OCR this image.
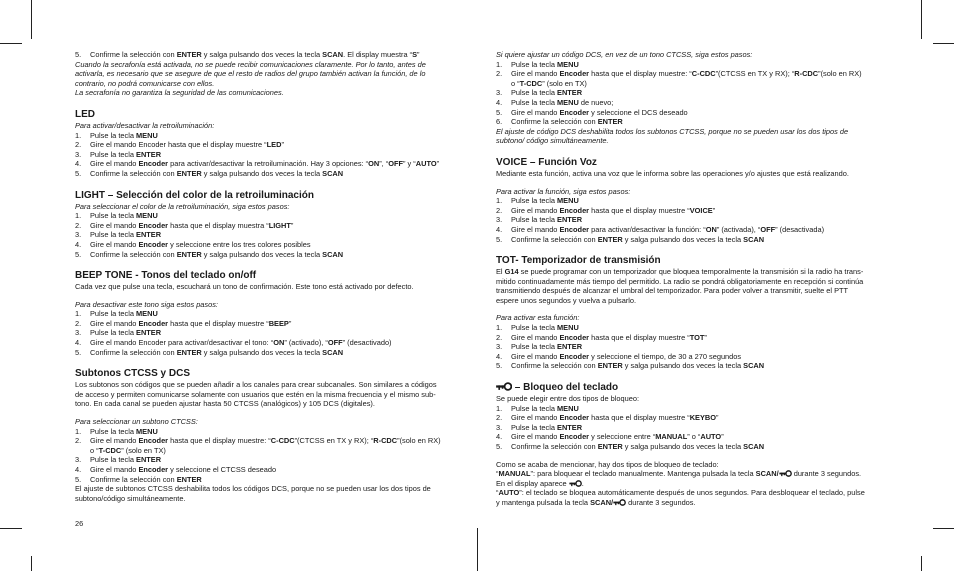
5. Confirme la selección con ENTER y salga pulsando dos veces la tecla SCAN. El display muestra “S”
Cuando la secrafonía está activada, no se puede recibir comunicaciones claramente. Por lo tanto, antes de
activarla, es necesario que se asegure de que el resto de radios del grupo también activan la función, de lo
contrario, no podrá comunicarse con ellos.
La secrafonía no garantiza la seguridad de las comunicaciones.
LED
Para activar/desactivar la retroiluminación:
1. Pulse la tecla MENU
2. Gire el mando Encoder hasta que el display muestre “LED”
3. Pulse la tecla ENTER
4. Gire el mando Encoder para activar/desactivar la retroiluminación. Hay 3 opciones: “ON”, “OFF” y “AUTO”
5. Confirme la selección con ENTER y salga pulsando dos veces la tecla SCAN
LIGHT – Selección del color de la retroiluminación
Para seleccionar el color de la retroiluminación, siga estos pasos:
1. Pulse la tecla MENU
2. Gire el mando Encoder hasta que el display muestra “LIGHT”
3. Pulse la tecla ENTER
4. Gire el mando Encoder y seleccione entre los tres colores posibles
5. Confirme la selección con ENTER y salga pulsando dos veces la tecla SCAN
BEEP TONE - Tonos del teclado on/off
Cada vez que pulse una tecla, escuchará un tono de confirmación. Este tono está activado por defecto.
Para desactivar este tono siga estos pasos:
1. Pulse la tecla MENU
2. Gire el mando Encoder hasta que el display muestre “BEEP”
3. Pulse la tecla ENTER
4. Gire el mando Encoder para activar/desactivar el tono: “ON” (activado), “OFF” (desactivado)
5. Confirme la selección con ENTER y salga pulsando dos veces la tecla SCAN
Subtonos CTCSS y DCS
Los subtonos son códigos que se pueden añadir a los canales para crear subcanales. Son similares a códigos
de acceso y permiten comunicarse solamente con usuarios que estén en la misma frecuencia y el mismo sub-
tono. En cada canal se pueden ajustar hasta 50 CTCSS (analógicos) y 105 DCS (digitales).
Para seleccionar un subtono CTCSS:
1. Pulse la tecla MENU
2. Gire el mando Encoder hasta que el display muestre: “C-CDC”(CTCSS en TX y RX); “R-CDC”(solo en RX)
o “T-CDC” (solo en TX)
3. Pulse la tecla ENTER
4. Gire el mando Encoder y seleccione el CTCSS deseado
5. Confirme la selección con ENTER
El ajuste de subtonos CTCSS deshabilita todos los códigos DCS, porque no se pueden usar los dos tipos de
subtono/código simultáneamente.
Si quiere ajustar un código DCS, en vez de un tono CTCSS, siga estos pasos:
1. Pulse la tecla MENU
2. Gire el mando Encoder hasta que el display muestre: “C-CDC”(CTCSS en TX y RX); “R-CDC”(solo en RX)
o “T-CDC” (solo en TX)
3. Pulse la tecla ENTER
4. Pulse la tecla MENU de nuevo;
5. Gire el mando Encoder y seleccione el DCS deseado
6. Confirme la selección con ENTER
El ajuste de código DCS deshabilita todos los subtonos CTCSS, porque no se pueden usar los dos tipos de
subtono/ código simultáneamente.
VOICE – Función Voz
Mediante esta función, activa una voz que le informa sobre las operaciones y/o ajustes que está realizando.
Para activar la función, siga estos pasos:
1. Pulse la tecla MENU
2. Gire el mando Encoder hasta que el display muestre “VOICE”
3. Pulse la tecla ENTER
4. Gire el mando Encoder para activar/desactivar la función: “ON” (activada), “OFF” (desactivada)
5. Confirme la selección con ENTER y salga pulsando dos veces la tecla SCAN
TOT- Temporizador de transmisión
El G14 se puede programar con un temporizador que bloquea temporalmente la transmisión si la radio ha trans-
mitido continuadamente más tiempo del permitido. La radio se pondrá obligatoriamente en recepción si continúa
transmitiendo después de alcanzar el umbral del temporizador. Para poder volver a transmitir, suelte el PTT
espere unos segundos y vuelva a pulsarlo.
Para activar esta función:
1. Pulse la tecla MENU
2. Gire el mando Encoder hasta que el display muestre “TOT”
3. Pulse la tecla ENTER
4. Gire el mando Encoder y seleccione el tiempo, de 30 a 270 segundos
5. Confirme la selección con ENTER y salga pulsando dos veces la tecla SCAN
– Bloqueo del teclado
Se puede elegir entre dos tipos de bloqueo:
1. Pulse la tecla MENU
2. Gire el mando Encoder hasta que el display muestre “KEYBO”
3. Pulse la tecla ENTER
4. Gire el mando Encoder y seleccione entre “MANUAL” o “AUTO”
5. Confirme la selección con ENTER y salga pulsando dos veces la tecla SCAN
Como se acaba de mencionar, hay dos tipos de bloqueo de teclado:
“MANUAL”: para bloquear el teclado manualmente. Mantenga pulsada la tecla SCAN/ durante 3 segundos.
En el display aparece .
“AUTO”: el teclado se bloquea automáticamente después de unos segundos. Para desbloquear el teclado, pulse
y mantenga pulsada la tecla SCAN/ durante 3 segundos.
26
